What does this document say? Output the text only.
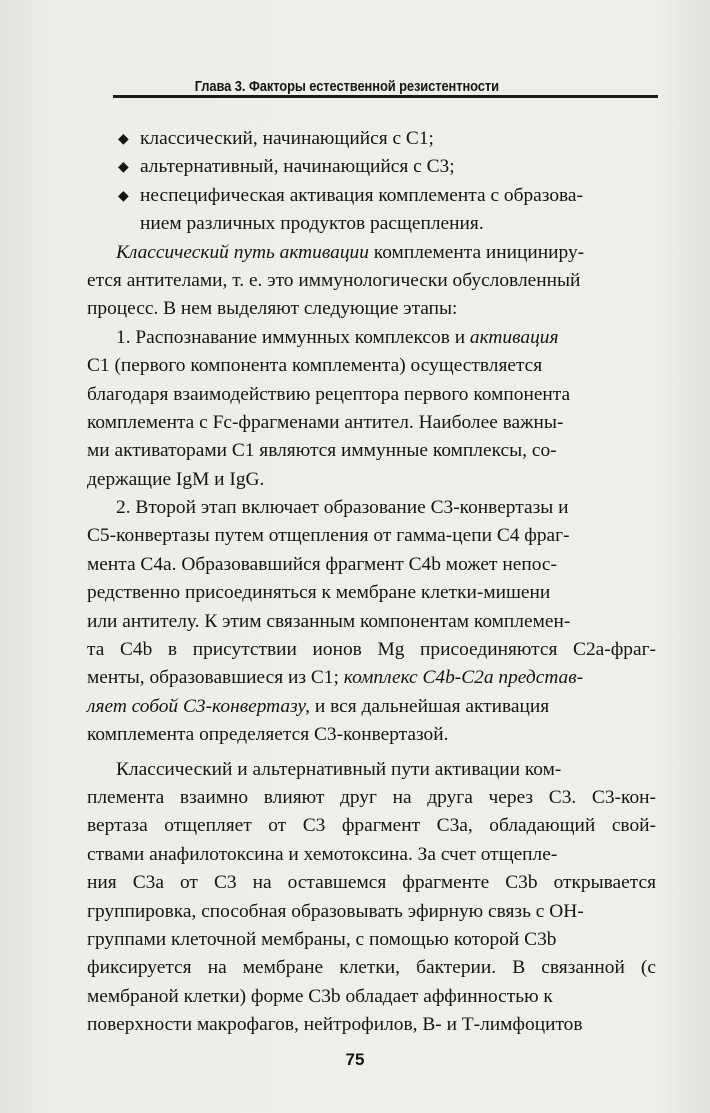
Глава 3. Факторы естественной резистентности
◆ классический, начинающийся с С1;
◆ альтернативный, начинающийся с С3;
◆ неспецифическая активация комплемента с образова-
нием различных продуктов расщепления.
Классический путь активации комплемента инициниру-
ется антителами, т. е. это иммунологически обусловленный
процесс. В нем выделяют следующие этапы:
1. Распознавание иммунных комплексов и активация
С1 (первого компонента комплемента) осуществляется
благодаря взаимодействию рецептора первого компонента
комплемента с Fc-фрагменами антител. Наиболее важны-
ми активаторами С1 являются иммунные комплексы, со-
держащие IgM и IgG.
2. Второй этап включает образование С3-конвертазы и
С5-конвертазы путем отщепления от гамма-цепи С4 фраг-
мента С4а. Образовавшийся фрагмент С4b может непос-
редственно присоединяться к мембране клетки-мишени
или антителу. К этим связанным компонентам комплемен-
та С4b в присутствии ионов Mg присоединяются С2а-фраг-
менты, образовавшиеся из С1; комплекс С4b-С2а представ-
ляет собой С3-конвертазу, и вся дальнейшая активация
комплемента определяется С3-конвертазой.
Классический и альтернативный пути активации ком-
племента взаимно влияют друг на друга через С3. С3-кон-
вертаза отщепляет от С3 фрагмент С3а, обладающий свой-
ствами анафилотоксина и хемотоксина. За счет отщепле-
ния С3а от С3 на оставшемся фрагменте С3b открывается
группировка, способная образовывать эфирную связь с ОН-
группами клеточной мембраны, с помощью которой С3b
фиксируется на мембране клетки, бактерии. В связанной (с
мембраной клетки) форме С3b обладает аффинностью к
поверхности макрофагов, нейтрофилов, В- и Т-лимфоцитов
75
